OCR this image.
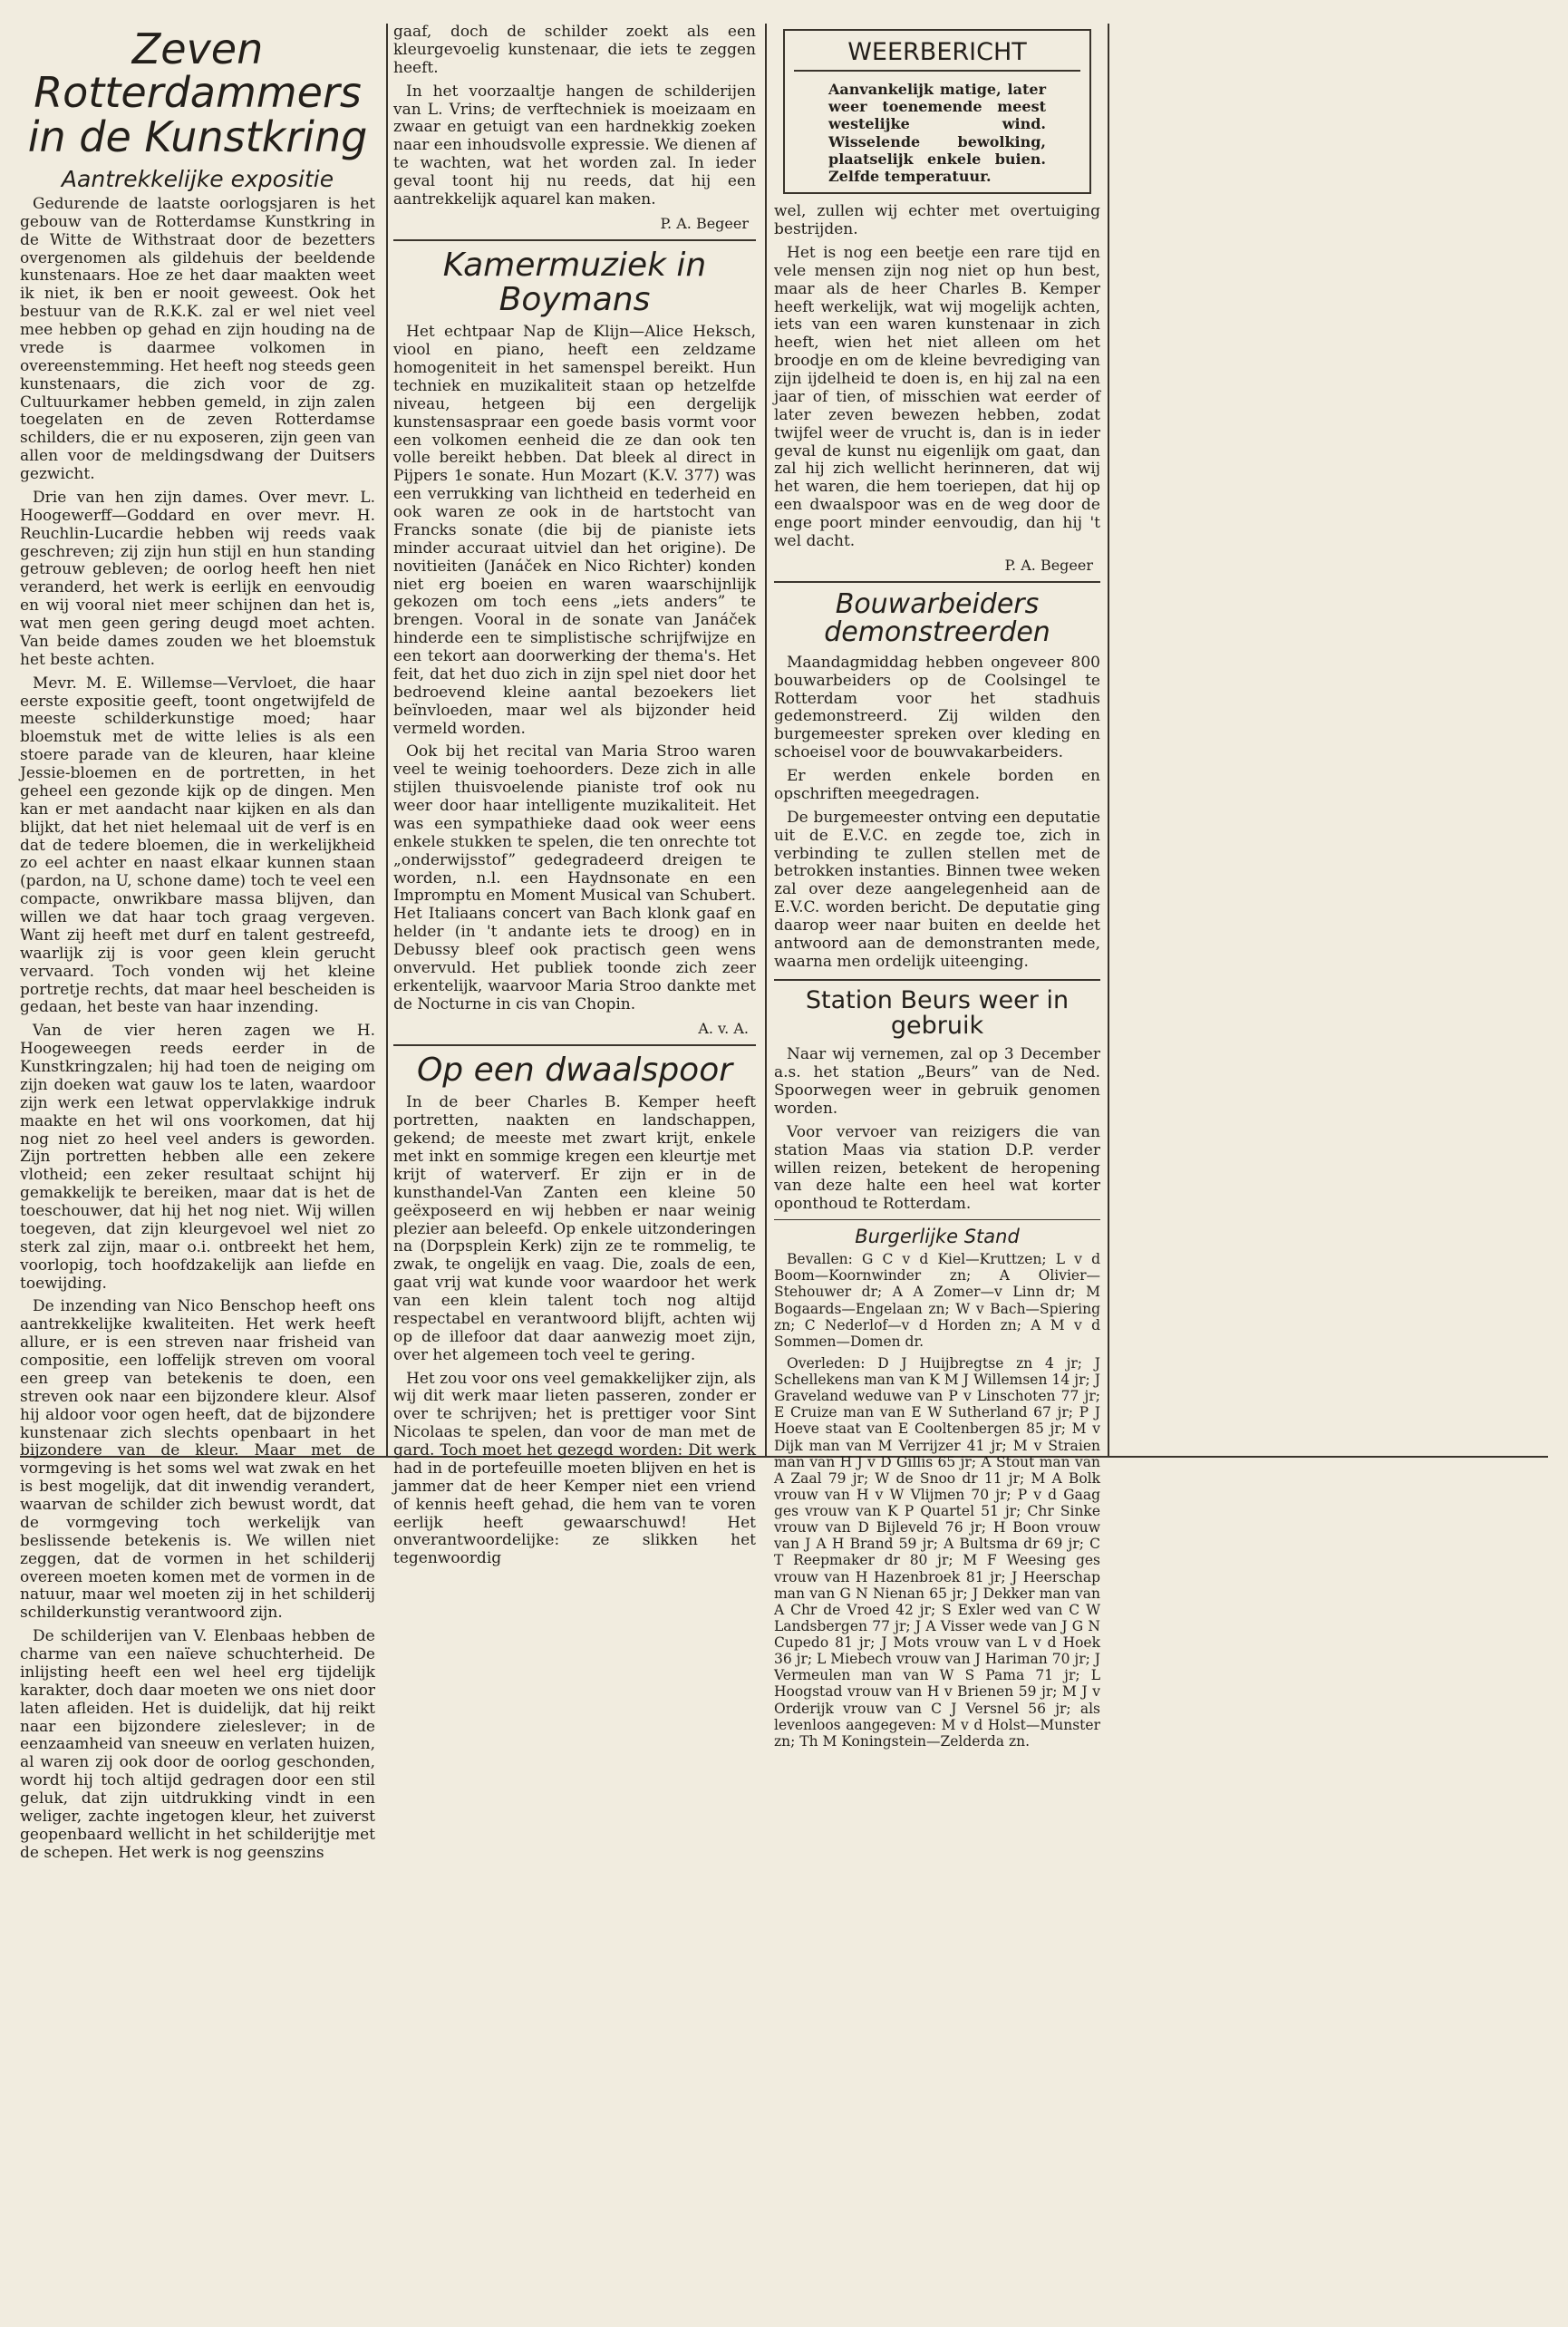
Zeven Rotterdammers in de Kunstkring
Aantrekkelijke expositie

Gedurende de laatste oorlogsjaren is het gebouw van de Rotterdamse Kunstkring in de Witte de Withstraat door de bezetters overgenomen als gildehuis der beeldende kunstenaars. Hoe ze het daar maakten weet ik niet, ik ben er nooit geweest. Ook het bestuur van de R.K.K. zal er wel niet veel mee hebben op gehad en zijn houding na de vrede is daarmee volkomen in overeenstemming. Het heeft nog steeds geen kunstenaars, die zich voor de zg. Cultuurkamer hebben gemeld, in zijn zalen toegelaten en de zeven Rotterdamse schilders, die er nu exposeren, zijn geen van allen voor de meldingsdwang der Duitsers gezwicht.

Drie van hen zijn dames. Over mevr. L. Hoogewerff—Goddard en over mevr. H. Reuchlin-Lucardie hebben wij reeds vaak geschreven; zij zijn hun stijl en hun standing getrouw gebleven; de oorlog heeft hen niet veranderd, het werk is eerlijk en eenvoudig en wij vooral niet meer schijnen dan het is, wat men geen gering deugd moet achten. Van beide dames zouden we het bloemstuk het beste achten.

Mevr. M. E. Willemse—Vervloet, die haar eerste expositie geeft, toont ongetwijfeld de meeste schilderkunstige moed; haar bloemstuk met de witte lelies is als een stoere parade van de kleuren, haar kleine Jessie-bloemen en de portretten, in het geheel een gezonde kijk op de dingen. Men kan er met aandacht naar kijken en als dan blijkt, dat het niet helemaal uit de verf is en dat de tedere bloemen, die in werkelijkheid zo eel achter en naast elkaar kunnen staan (pardon, na U, schone dame) toch te veel een compacte, onwrikbare massa blijven, dan willen we dat haar toch graag vergeven. Want zij heeft met durf en talent gestreefd, waarlijk zij is voor geen klein gerucht vervaard. Toch vonden wij het kleine portretje rechts, dat maar heel bescheiden is gedaan, het beste van haar inzending.

Van de vier heren zagen we H. Hoogeweegen reeds eerder in de Kunstkringzalen; hij had toen de neiging om zijn doeken wat gauw los te laten, waardoor zijn werk een letwat oppervlakkige indruk maakte en het wil ons voorkomen, dat hij nog niet zo heel veel anders is geworden. Zijn portretten hebben alle een zekere vlotheid; een zeker resultaat schijnt hij gemakkelijk te bereiken, maar dat is het de toeschouwer, dat hij het nog niet. Wij willen toegeven, dat zijn kleurgevoel wel niet zo sterk zal zijn, maar o.i. ontbreekt het hem, voorlopig, toch hoofdzakelijk aan liefde en toewijding.

De inzending van Nico Benschop heeft ons aantrekkelijke kwaliteiten. Het werk heeft allure, er is een streven naar frisheid van compositie, een loffelijk streven om vooral een greep van betekenis te doen, een streven ook naar een bijzondere kleur. Alsof hij aldoor voor ogen heeft, dat de bijzondere kunstenaar zich slechts openbaart in het bijzondere van de kleur. Maar met de vormgeving is het soms wel wat zwak en het is best mogelijk, dat dit inwendig verandert, waarvan de schilder zich bewust wordt, dat de vormgeving toch werkelijk van beslissende betekenis is. We willen niet zeggen, dat de vormen in het schilderij overeen moeten komen met de vormen in de natuur, maar wel moeten zij in het schilderij schilderkunstig verantwoord zijn.

De schilderijen van V. Elenbaas hebben de charme van een naïeve schuchterheid. De inlijsting heeft een wel heel erg tijdelijk karakter, doch daar moeten we ons niet door laten afleiden. Het is duidelijk, dat hij reikt naar een bijzondere zieleslever; in de eenzaamheid van sneeuw en verlaten huizen, al waren zij ook door de oorlog geschonden, wordt hij toch altijd gedragen door een stil geluk, dat zijn uitdrukking vindt in een weliger, zachte ingetogen kleur, het zuiverst geopenbaard wellicht in het schilderijtje met de schepen. Het werk is nog geenszins

gaaf, doch de schilder zoekt als een kleurgevoelig kunstenaar, die iets te zeggen heeft.

In het voorzaaltje hangen de schilderijen van L. Vrins; de verftechniek is moeizaam en zwaar en getuigt van een hardnekkig zoeken naar een inhoudsvolle expressie. We dienen af te wachten, wat het worden zal. In ieder geval toont hij nu reeds, dat hij een aantrekkelijk aquarel kan maken.

P. A. Begeer
Kamermuziek in Boymans

Het echtpaar Nap de Klijn—Alice Heksch, viool en piano, heeft een zeldzame homogeniteit in het samenspel bereikt. Hun techniek en muzikaliteit staan op hetzelfde niveau, hetgeen bij een dergelijk kunstensaspraar een goede basis vormt voor een volkomen eenheid die ze dan ook ten volle bereikt hebben. Dat bleek al direct in Pijpers 1e sonate. Hun Mozart (K.V. 377) was een verrukking van lichtheid en tederheid en ook waren ze ook in de hartstocht van Francks sonate (die bij de pianiste iets minder accuraat uitviel dan het origine). De novitieiten (Janáček en Nico Richter) konden niet erg boeien en waren waarschijnlijk gekozen om toch eens „iets anders” te brengen. Vooral in de sonate van Janáček hinderde een te simplistische schrijfwijze en een tekort aan doorwerking der thema's. Het feit, dat het duo zich in zijn spel niet door het bedroevend kleine aantal bezoekers liet beïnvloeden, maar wel als bijzonder heid vermeld worden.

Ook bij het recital van Maria Stroo waren veel te weinig toehoorders. Deze zich in alle stijlen thuisvoelende pianiste trof ook nu weer door haar intelligente muzikaliteit. Het was een sympathieke daad ook weer eens enkele stukken te spelen, die ten onrechte tot „onderwijsstof” gedegradeerd dreigen te worden, n.l. een Haydnsonate en een Impromptu en Moment Musical van Schubert. Het Italiaans concert van Bach klonk gaaf en helder (in 't andante iets te droog) en in Debussy bleef ook practisch geen wens onvervuld. Het publiek toonde zich zeer erkentelijk, waarvoor Maria Stroo dankte met de Nocturne in cis van Chopin.

A. v. A.
Op een dwaalspoor

In de beer Charles B. Kemper heeft portretten, naakten en landschappen, gekend; de meeste met zwart krijt, enkele met inkt en sommige kregen een kleurtje met krijt of waterverf. Er zijn er in de kunsthandel-Van Zanten een kleine 50 geëxposeerd en wij hebben er naar weinig plezier aan beleefd. Op enkele uitzonderingen na (Dorpsplein Kerk) zijn ze te rommelig, te zwak, te ongelijk en vaag. Die, zoals de een, gaat vrij wat kunde voor waardoor het werk van een klein talent toch nog altijd respectabel en verantwoord blijft, achten wij op de illefoor dat daar aanwezig moet zijn, over het algemeen toch veel te gering.

Het zou voor ons veel gemakkelijker zijn, als wij dit werk maar lieten passeren, zonder er over te schrijven; het is prettiger voor Sint Nicolaas te spelen, dan voor de man met de gard. Toch moet het gezegd worden: Dit werk had in de portefeuille moeten blijven en het is jammer dat de heer Kemper niet een vriend of kennis heeft gehad, die hem van te voren eerlijk heeft gewaarschuwd! Het onverantwoordelijke: ze slikken het tegenwoordig

WEERBERICHT
Aanvankelijk matige, later weer toenemende meest westelijke wind. Wisselende bewolking, plaatselijk enkele buien. Zelfde temperatuur.

wel, zullen wij echter met overtuiging bestrijden.

Het is nog een beetje een rare tijd en vele mensen zijn nog niet op hun best, maar als de heer Charles B. Kemper heeft werkelijk, wat wij mogelijk achten, iets van een waren kunstenaar in zich heeft, wien het niet alleen om het broodje en om de kleine bevrediging van zijn ijdelheid te doen is, en hij zal na een jaar of tien, of misschien wat eerder of later zeven bewezen hebben, zodat twijfel weer de vrucht is, dan is in ieder geval de kunst nu eigenlijk om gaat, dan zal hij zich wellicht herinneren, dat wij het waren, die hem toeriepen, dat hij op een dwaalspoor was en de weg door de enge poort minder eenvoudig, dan hij 't wel dacht.

P. A. Begeer
Bouwarbeiders demonstreerden

Maandagmiddag hebben ongeveer 800 bouwarbeiders op de Coolsingel te Rotterdam voor het stadhuis gedemonstreerd. Zij wilden den burgemeester spreken over kleding en schoeisel voor de bouwvakarbeiders.

Er werden enkele borden en opschriften meegedragen.

De burgemeester ontving een deputatie uit de E.V.C. en zegde toe, zich in verbinding te zullen stellen met de betrokken instanties. Binnen twee weken zal over deze aangelegenheid aan de E.V.C. worden bericht. De deputatie ging daarop weer naar buiten en deelde het antwoord aan de demonstranten mede, waarna men ordelijk uiteenging.

Station Beurs weer in gebruik

Naar wij vernemen, zal op 3 December a.s. het station „Beurs” van de Ned. Spoorwegen weer in gebruik genomen worden.

Voor vervoer van reizigers die van station Maas via station D.P. verder willen reizen, betekent de heropening van deze halte een heel wat korter oponthoud te Rotterdam.

Burgerlijke Stand

Bevallen: G C v d Kiel—Kruttzen; L v d Boom—Koornwinder zn; A Olivier—Stehouwer dr; A A Zomer—v Linn dr; M Bogaards—Engelaan zn; W v Bach—Spiering zn; C Nederlof—v d Horden zn; A M v d Sommen—Domen dr.

Overleden: D J Huijbregtse zn 4 jr; J Schellekens man van K M J Willemsen 14 jr; J Graveland weduwe van P v Linschoten 77 jr; E Cruize man van E W Sutherland 67 jr; P J Hoeve staat van E Cooltenbergen 85 jr; M v Dijk man van M Verrijzer 41 jr; M v Straien man van H J v D Gillis 65 jr; A Stout man van A Zaal 79 jr; W de Snoo dr 11 jr; M A Bolk vrouw van H v W Vlijmen 70 jr; P v d Gaag ges vrouw van K P Quartel 51 jr; Chr Sinke vrouw van D Bijleveld 76 jr; H Boon vrouw van J A H Brand 59 jr; A Bultsma dr 69 jr; C T Reepmaker dr 80 jr; M F Weesing ges vrouw van H Hazenbroek 81 jr; J Heerschap man van G N Nienan 65 jr; J Dekker man van A Chr de Vroed 42 jr; S Exler wed van C W Landsbergen 77 jr; J A Visser wede van J G N Cupedo 81 jr; J Mots vrouw van L v d Hoek 36 jr; L Miebech vrouw van J Hariman 70 jr; J Vermeulen man van W S Pama 71 jr; L Hoogstad vrouw van H v Brienen 59 jr; M J v Orderijk vrouw van C J Versnel 56 jr; als levenloos aangegeven: M v d Holst—Munster zn; Th M Koningstein—Zelderda zn.
